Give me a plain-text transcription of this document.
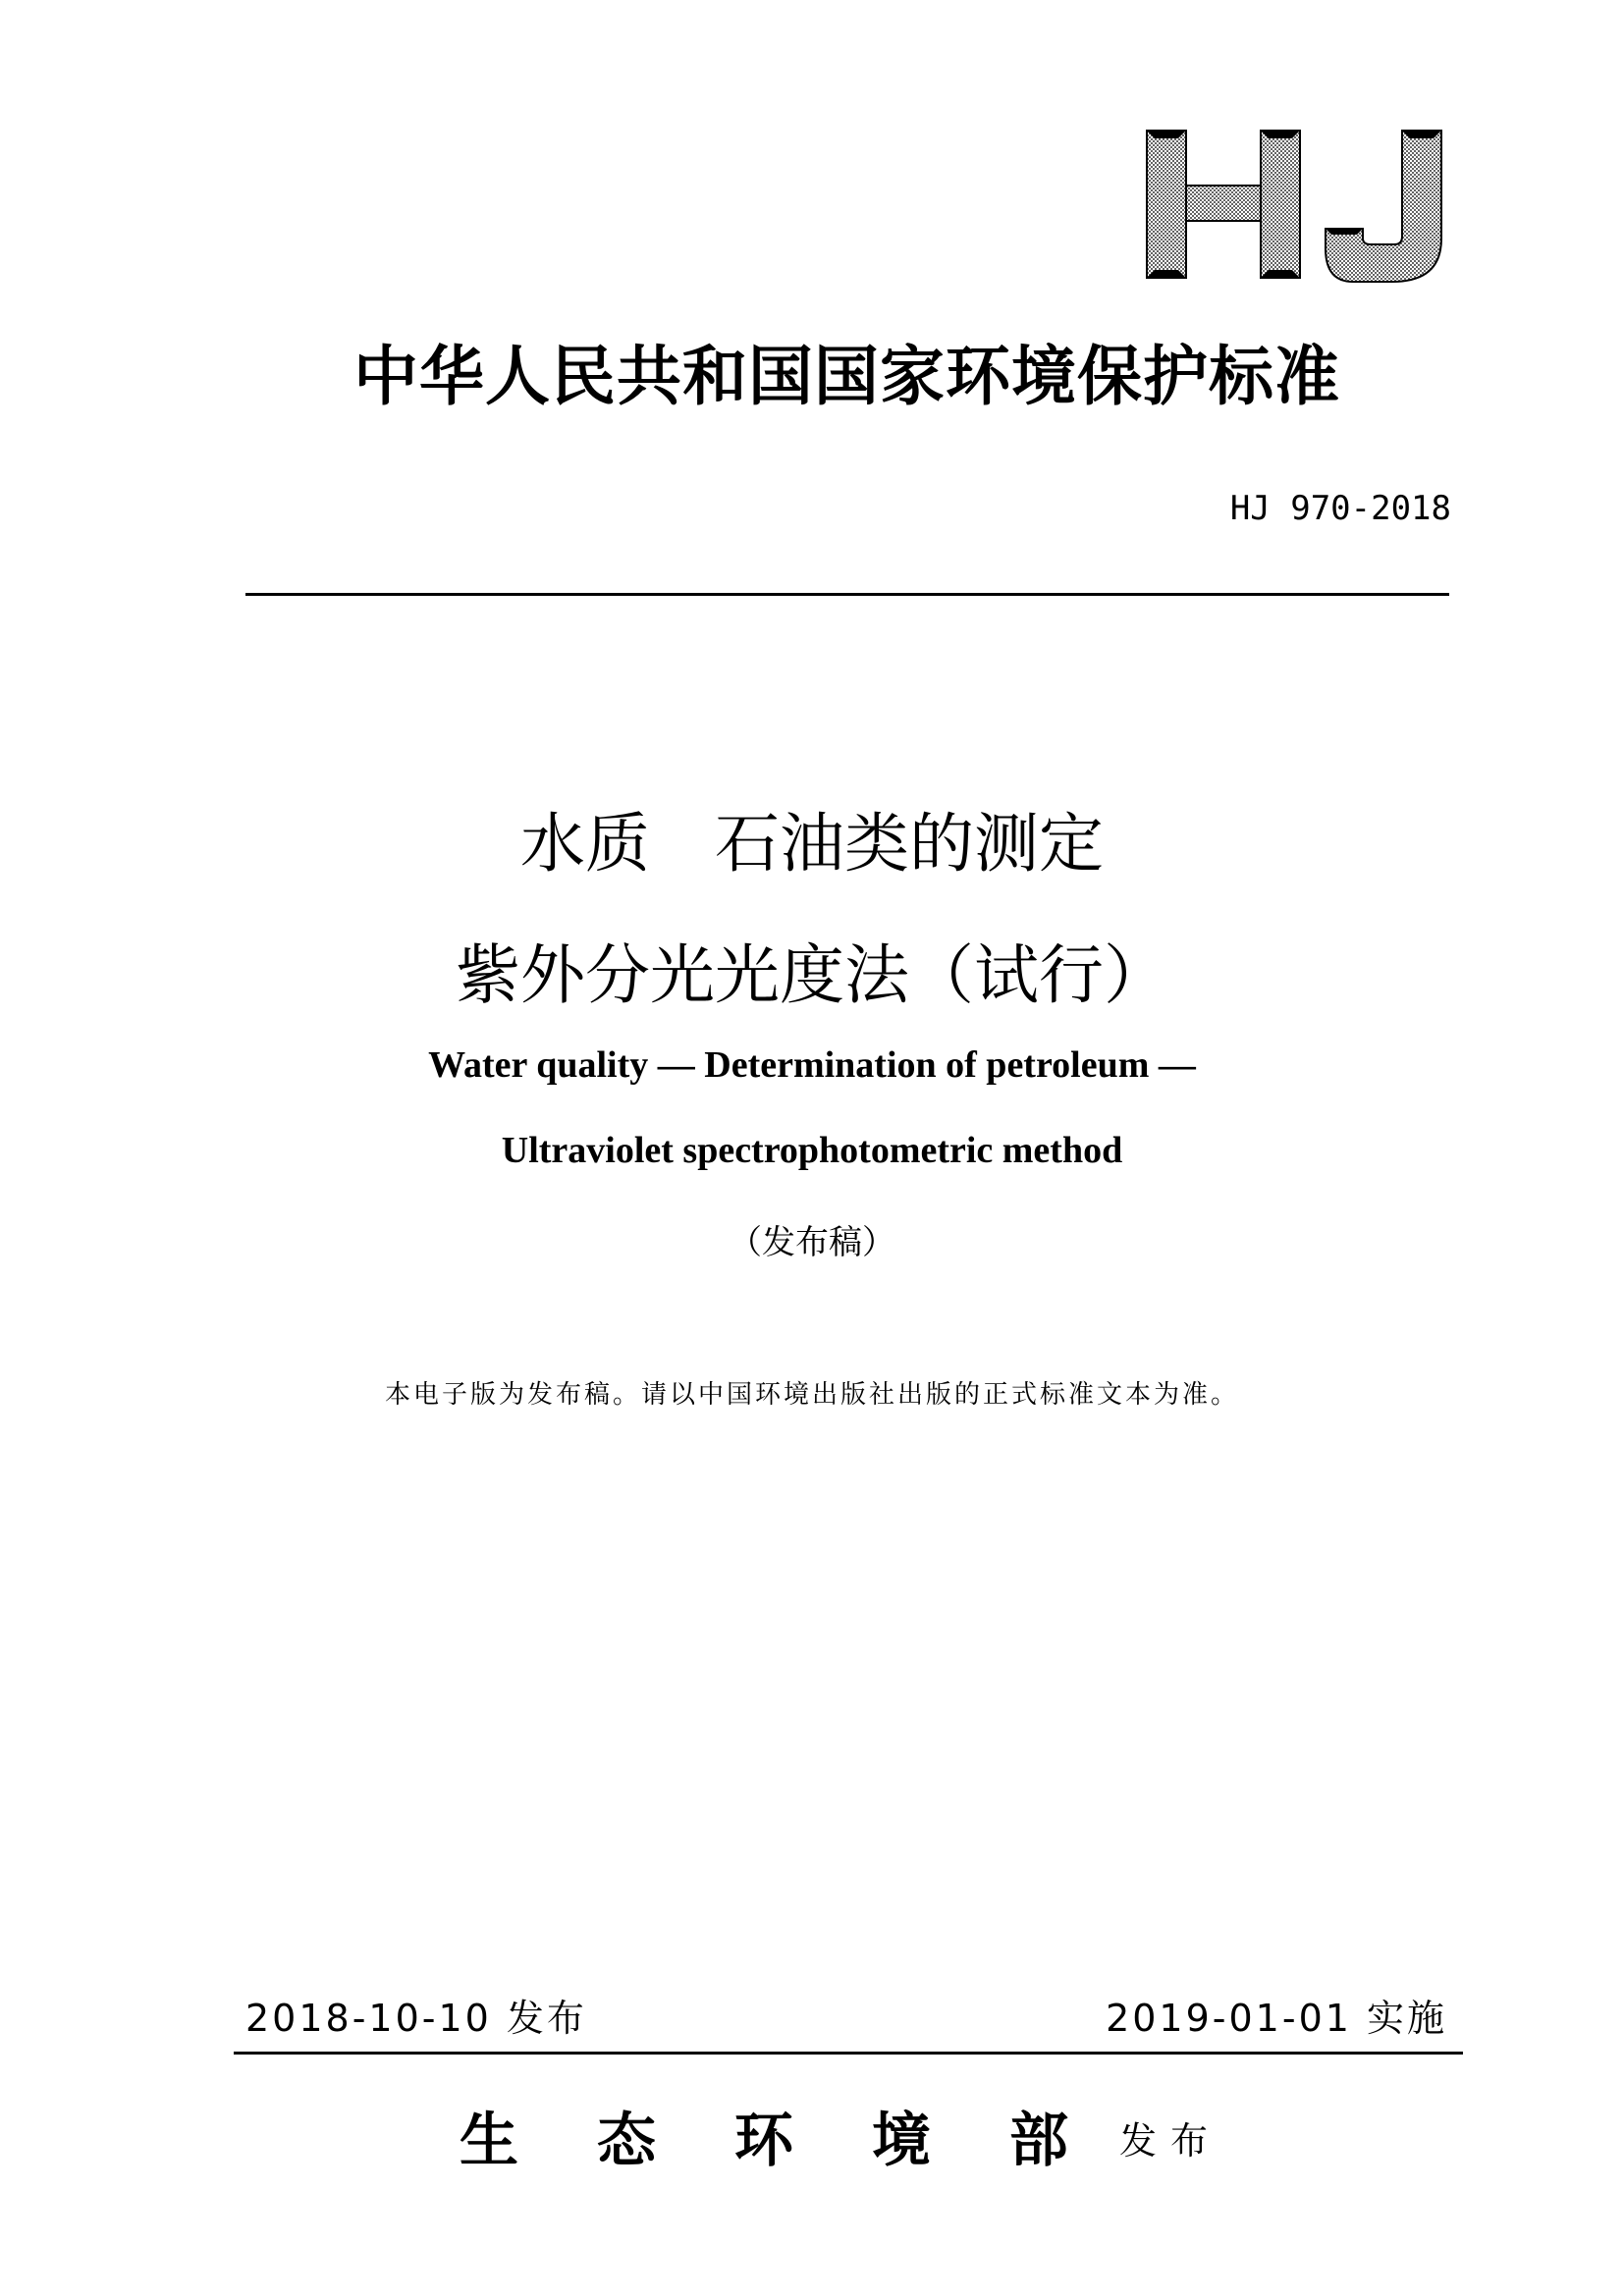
中华人民共和国国家环境保护标准
HJ 970-2018
水质　石油类的测定
紫外分光光度法（试行）
Water quality — Determination of petroleum —
Ultraviolet spectrophotometric method
（发布稿）
本电子版为发布稿。请以中国环境出版社出版的正式标准文本为准。
2018-10-10 发布	2019-01-01 实施
生态环境部
发布
